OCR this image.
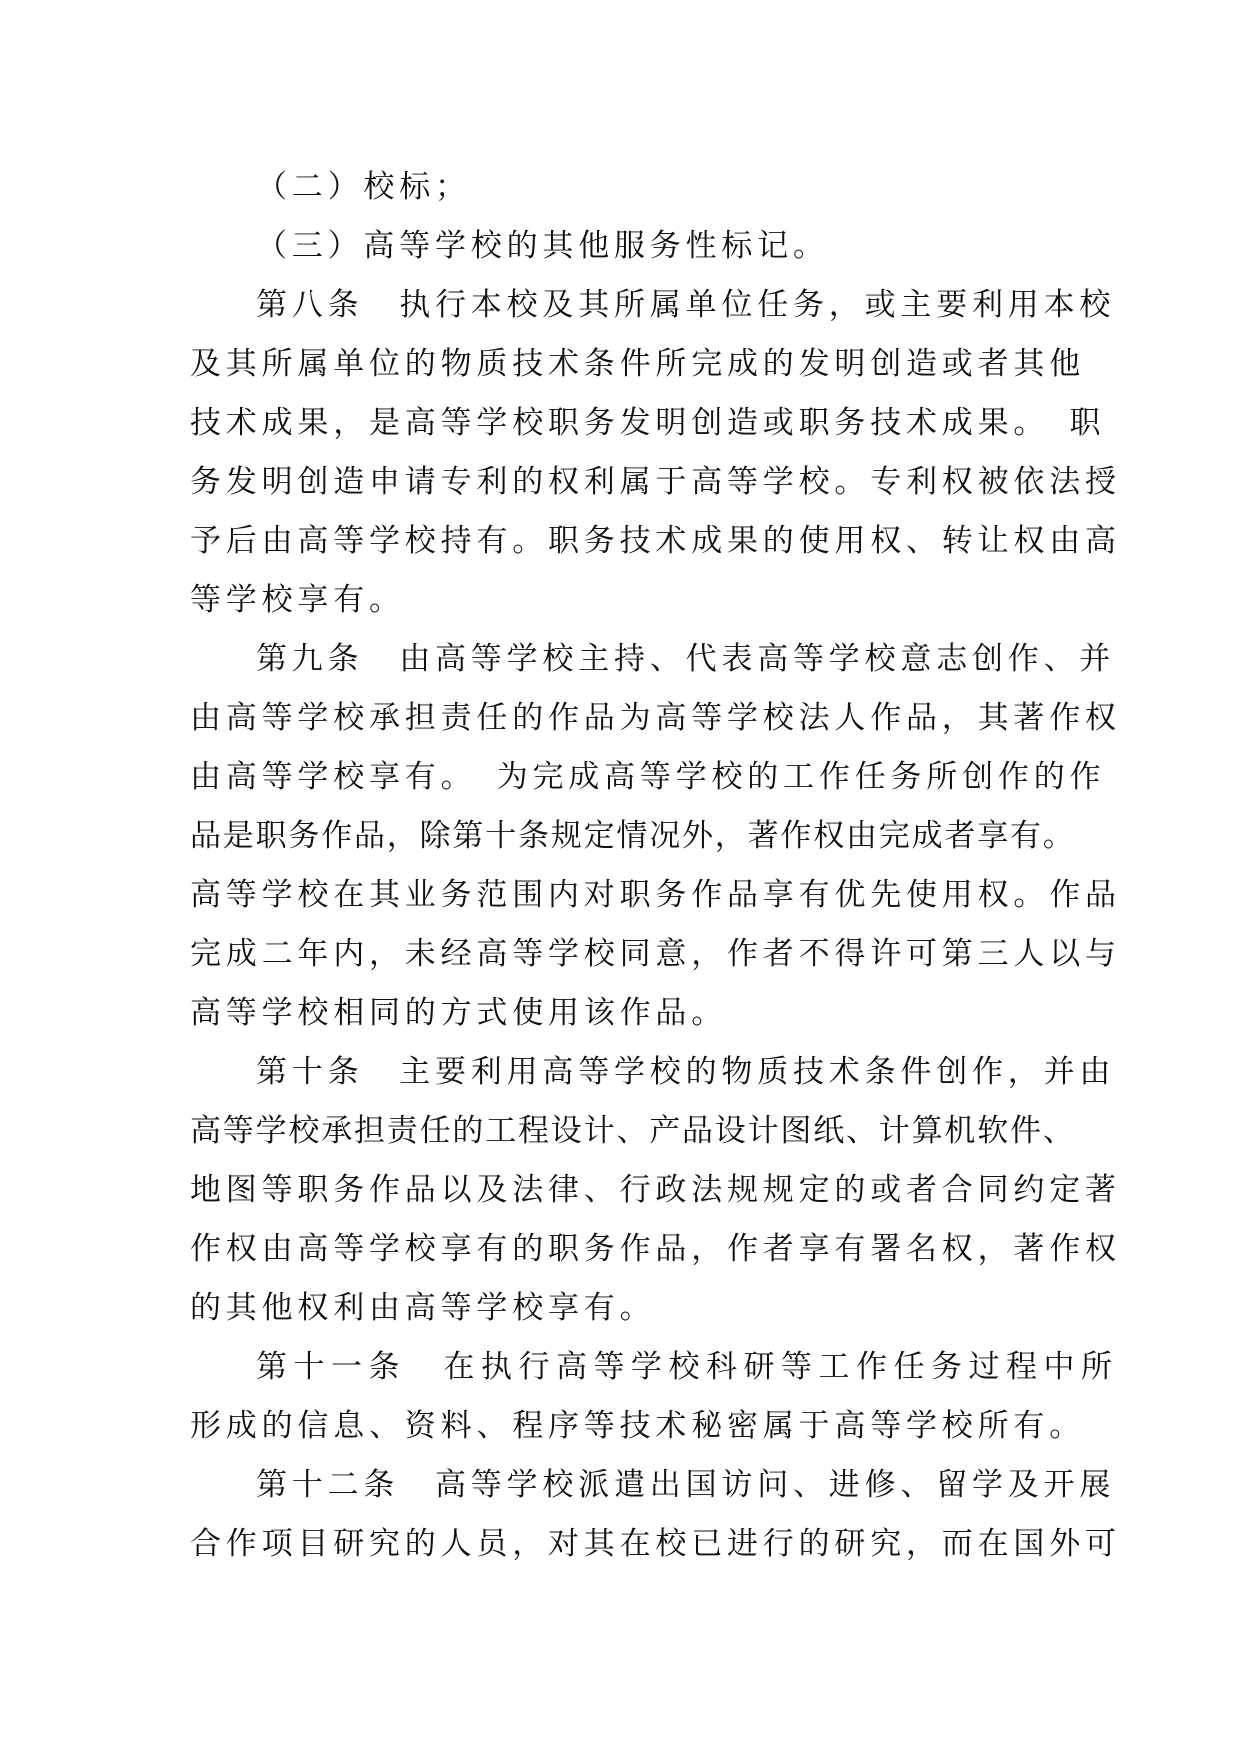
（二）校标；
（三）高等学校的其他服务性标记。
第八条　执行本校及其所属单位任务，或主要利用本校
及其所属单位的物质技术条件所完成的发明创造或者其他
技术成果，是高等学校职务发明创造或职务技术成果。　职
务发明创造申请专利的权利属于高等学校。专利权被依法授
予后由高等学校持有。职务技术成果的使用权、转让权由高
等学校享有。
第九条　由高等学校主持、代表高等学校意志创作、并
由高等学校承担责任的作品为高等学校法人作品，其著作权
由高等学校享有。　为完成高等学校的工作任务所创作的作
品是职务作品，除第十条规定情况外，著作权由完成者享有。
高等学校在其业务范围内对职务作品享有优先使用权。作品
完成二年内，未经高等学校同意，作者不得许可第三人以与
高等学校相同的方式使用该作品。
第十条　主要利用高等学校的物质技术条件创作，并由
高等学校承担责任的工程设计、产品设计图纸、计算机软件、
地图等职务作品以及法律、行政法规规定的或者合同约定著
作权由高等学校享有的职务作品，作者享有署名权，著作权
的其他权利由高等学校享有。
第十一条　在执行高等学校科研等工作任务过程中所
形成的信息、资料、程序等技术秘密属于高等学校所有。
第十二条　高等学校派遣出国访问、进修、留学及开展
合作项目研究的人员，对其在校已进行的研究，而在国外可
